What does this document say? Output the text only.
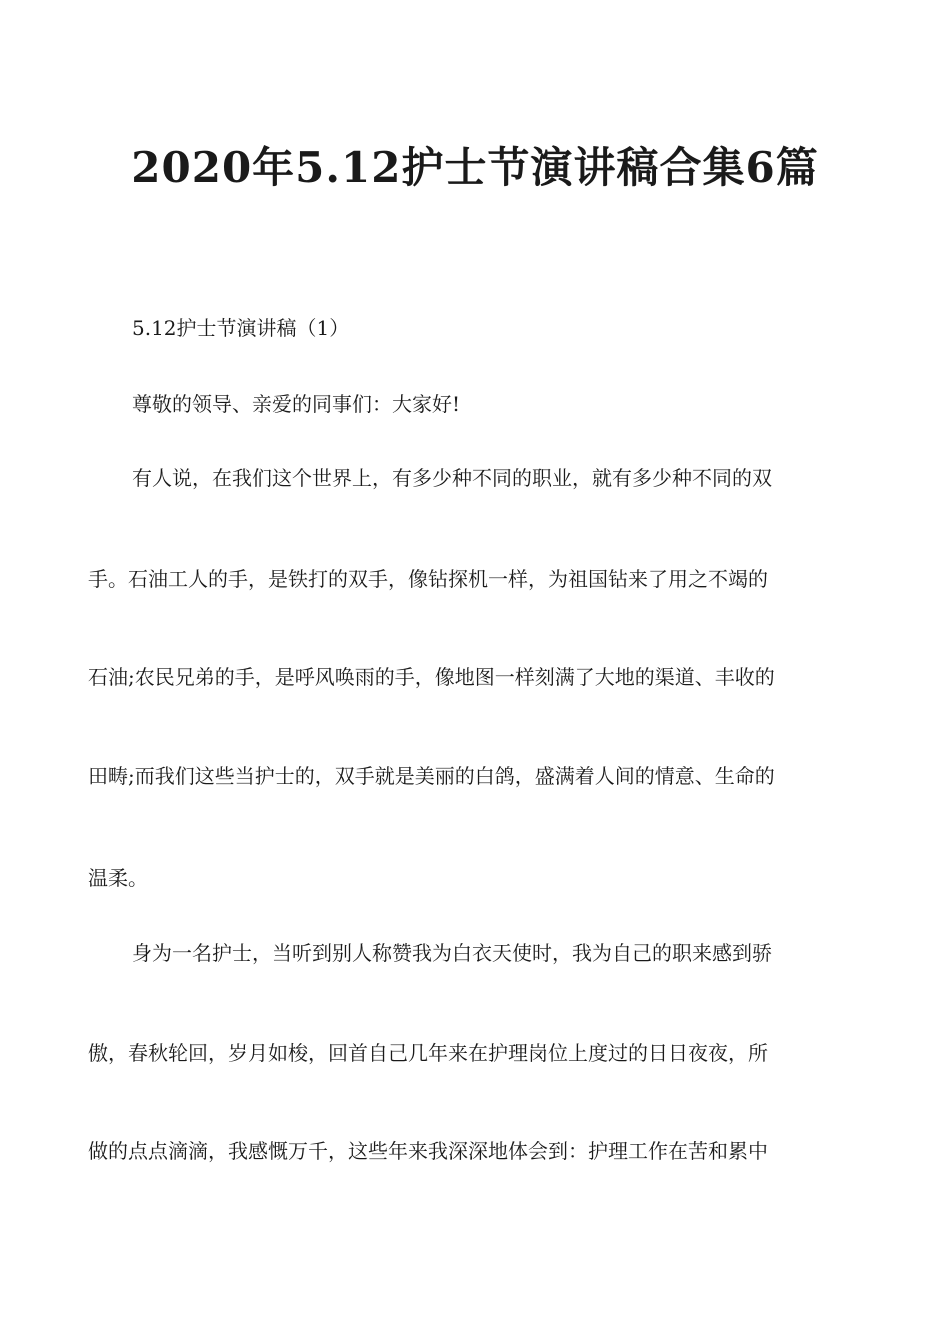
2020年5.12护士节演讲稿合集6篇

5.12护士节演讲稿（1）

尊敬的领导、亲爱的同事们：大家好!

有人说，在我们这个世界上，有多少种不同的职业，就有多少种不同的双

手。石油工人的手，是铁打的双手，像钻探机一样，为祖国钻来了用之不竭的

石油;农民兄弟的手，是呼风唤雨的手，像地图一样刻满了大地的渠道、丰收的

田畴;而我们这些当护士的，双手就是美丽的白鸽，盛满着人间的情意、生命的

温柔。

身为一名护士，当听到别人称赞我为白衣天使时，我为自己的职来感到骄

傲，春秋轮回，岁月如梭，回首自己几年来在护理岗位上度过的日日夜夜，所

做的点点滴滴，我感慨万千，这些年来我深深地体会到：护理工作在苦和累中
